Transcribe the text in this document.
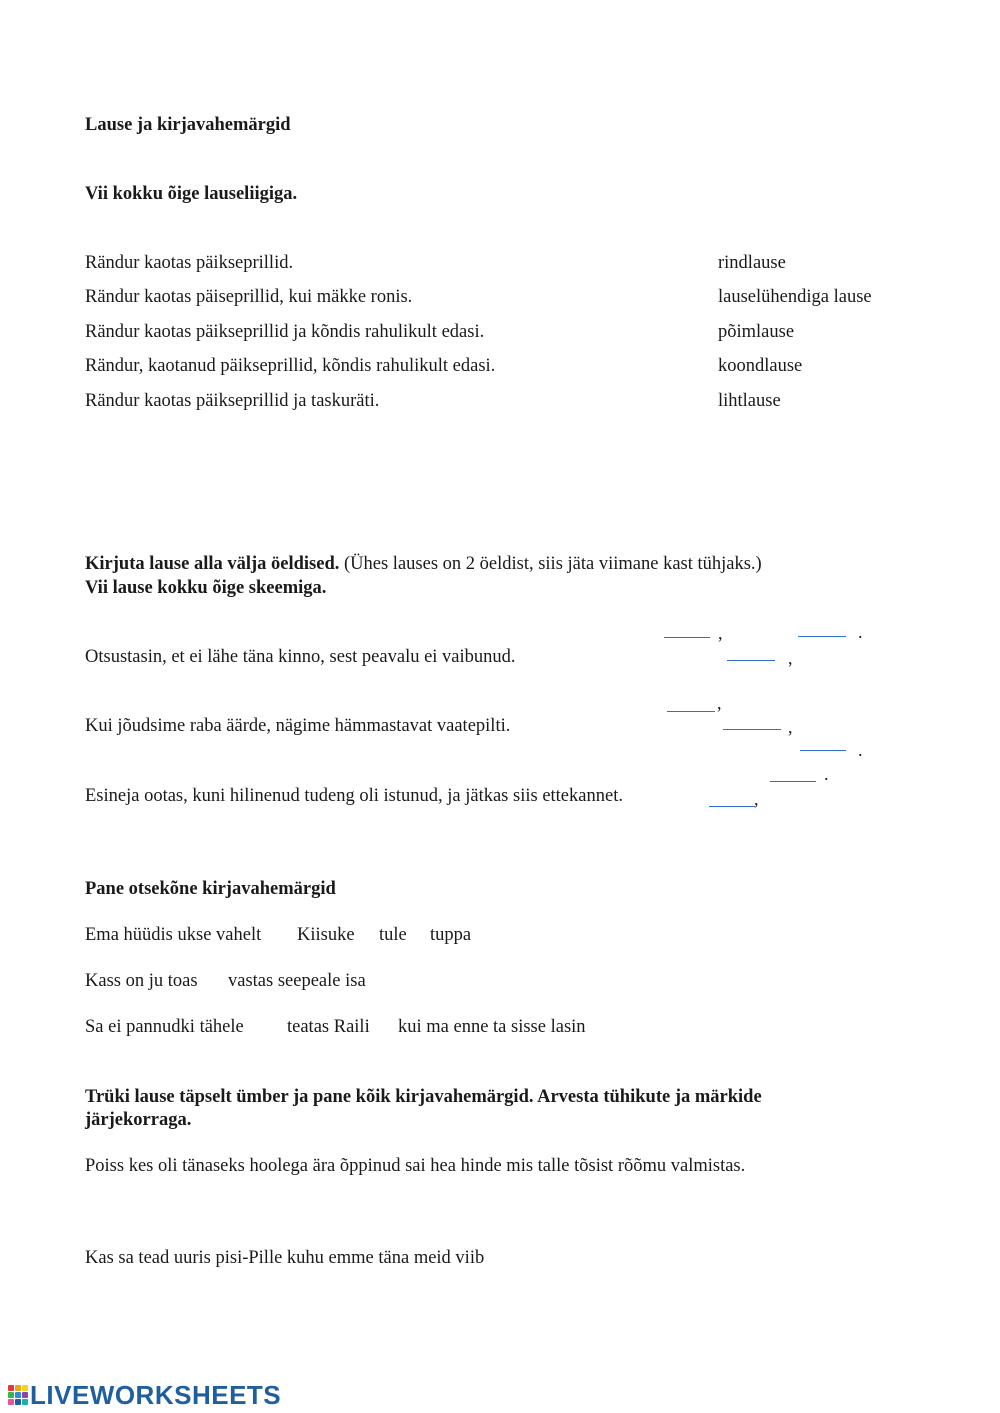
Lause ja kirjavahemärgid
Vii kokku õige lauseliigiga.
Rändur kaotas päikseprillid.
Rändur kaotas päiseprillid, kui mäkke ronis.
Rändur kaotas päikseprillid ja kõndis rahulikult edasi.
Rändur, kaotanud päikseprillid, kõndis rahulikult edasi.
Rändur kaotas päikseprillid ja taskuräti.
rindlause
lauselühendiga lause
põimlause
koondlause
lihtlause
Kirjuta lause alla välja öeldised. (Ühes lauses on 2 öeldist, siis jäta viimane kast tühjaks.)
Vii lause kokku õige skeemiga.
Otsustasin, et ei lähe täna kinno, sest peavalu ei vaibunud.
Kui jõudsime raba äärde, nägime hämmastavat vaatepilti.
Esineja ootas, kuni hilinenud tudeng oli istunud, ja jätkas siis ettekannet.
,	.
,
,
,
.
.
,
Pane otsekõne kirjavahemärgid
Ema hüüdis ukse vahelt Kiisuke tule tuppa
Kass on ju toas vastas seepeale isa
Sa ei pannudki tähele teatas Raili kui ma enne ta sisse lasin
Trüki lause täpselt ümber ja pane kõik kirjavahemärgid. Arvesta tühikute ja märkide järjekorraga.
Poiss kes oli tänaseks hoolega ära õppinud sai hea hinde mis talle tõsist rõõmu valmistas.
Kas sa tead uuris pisi-Pille kuhu emme täna meid viib
LIVEWORKSHEETS
